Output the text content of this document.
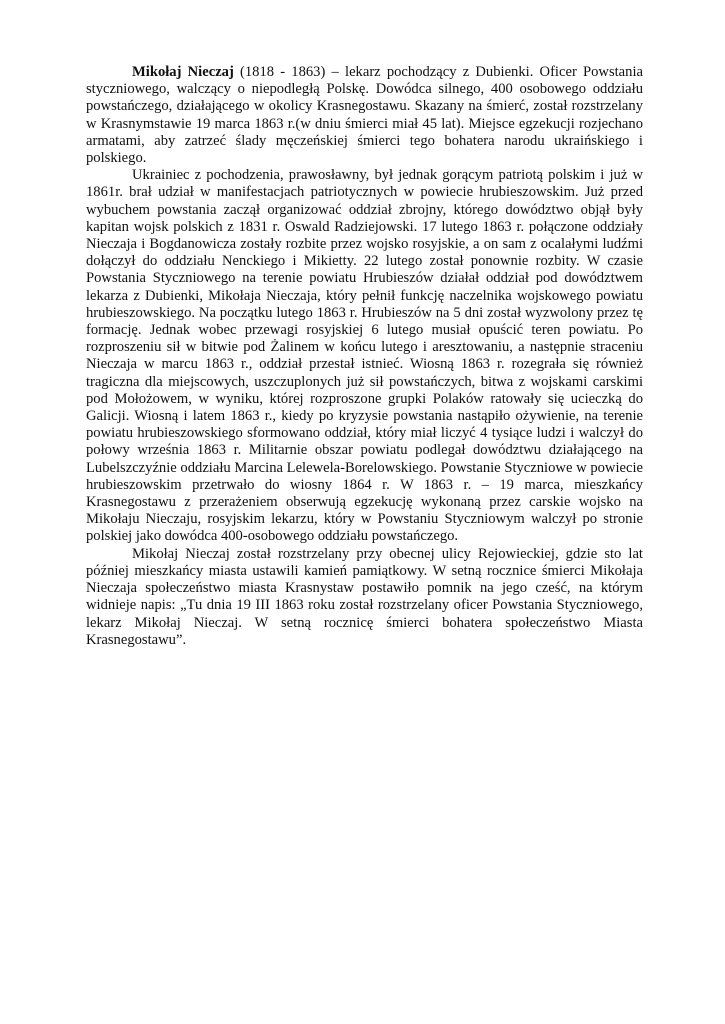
Mikołaj Nieczaj (1818 - 1863) – lekarz pochodzący z Dubienki. Oficer Powstania styczniowego, walczący o niepodległą Polskę. Dowódca silnego, 400 osobowego oddziału powstańczego, działającego w okolicy Krasnegostawu. Skazany na śmierć, został rozstrzelany w Krasnymstawie 19 marca 1863 r.(w dniu śmierci miał 45 lat). Miejsce egzekucji rozjechano armatami, aby zatrzeć ślady męczeńskiej śmierci tego bohatera narodu ukraińskiego i polskiego.

Ukrainiec z pochodzenia, prawosławny, był jednak gorącym patriotą polskim i już w 1861r. brał udział w manifestacjach patriotycznych w powiecie hrubieszowskim. Już przed wybuchem powstania zaczął organizować oddział zbrojny, którego dowództwo objął były kapitan wojsk polskich z 1831 r. Oswald Radziejowski. 17 lutego 1863 r. połączone oddziały Nieczaja i Bogdanowicza zostały rozbite przez wojsko rosyjskie, a on sam z ocalałymi ludźmi dołączył do oddziału Nenckiego i Mikietty. 22 lutego został ponownie rozbity. W czasie Powstania Styczniowego na terenie powiatu Hrubieszów działał oddział pod dowództwem lekarza z Dubienki, Mikołaja Nieczaja, który pełnił funkcję naczelnika wojskowego powiatu hrubieszowskiego. Na początku lutego 1863 r. Hrubieszów na 5 dni został wyzwolony przez tę formację. Jednak wobec przewagi rosyjskiej 6 lutego musiał opuścić teren powiatu. Po rozproszeniu sił w bitwie pod Żalinem w końcu lutego i aresztowaniu, a następnie straceniu Nieczaja w marcu 1863 r., oddział przestał istnieć. Wiosną 1863 r. rozegrała się również tragiczna dla miejscowych, uszczuplonych już sił powstańczych, bitwa z wojskami carskimi pod Mołożowem, w wyniku, której rozproszone grupki Polaków ratowały się ucieczką do Galicji. Wiosną i latem 1863 r., kiedy po kryzysie powstania nastąpiło ożywienie, na terenie powiatu hrubieszowskiego sformowano oddział, który miał liczyć 4 tysiące ludzi i walczył do połowy września 1863 r. Militarnie obszar powiatu podlegał dowództwu działającego na Lubelszczyźnie oddziału Marcina Lelewela-Borelowskiego. Powstanie Styczniowe w powiecie hrubieszowskim przetrwało do wiosny 1864 r. W 1863 r. – 19 marca, mieszkańcy Krasnegostawu z przerażeniem obserwują egzekucję wykonaną przez carskie wojsko na Mikołaju Nieczaju, rosyjskim lekarzu, który w Powstaniu Styczniowym walczył po stronie polskiej jako dowódca 400-osobowego oddziału powstańczego.

Mikołaj Nieczaj został rozstrzelany przy obecnej ulicy Rejowieckiej, gdzie sto lat później mieszkańcy miasta ustawili kamień pamiątkowy. W setną rocznice śmierci Mikołaja Nieczaja społeczeństwo miasta Krasnystaw postawiło pomnik na jego cześć, na którym widnieje napis: „Tu dnia 19 III 1863 roku został rozstrzelany oficer Powstania Styczniowego, lekarz Mikołaj Nieczaj. W setną rocznicę śmierci bohatera społeczeństwo Miasta Krasnegostawu”.
